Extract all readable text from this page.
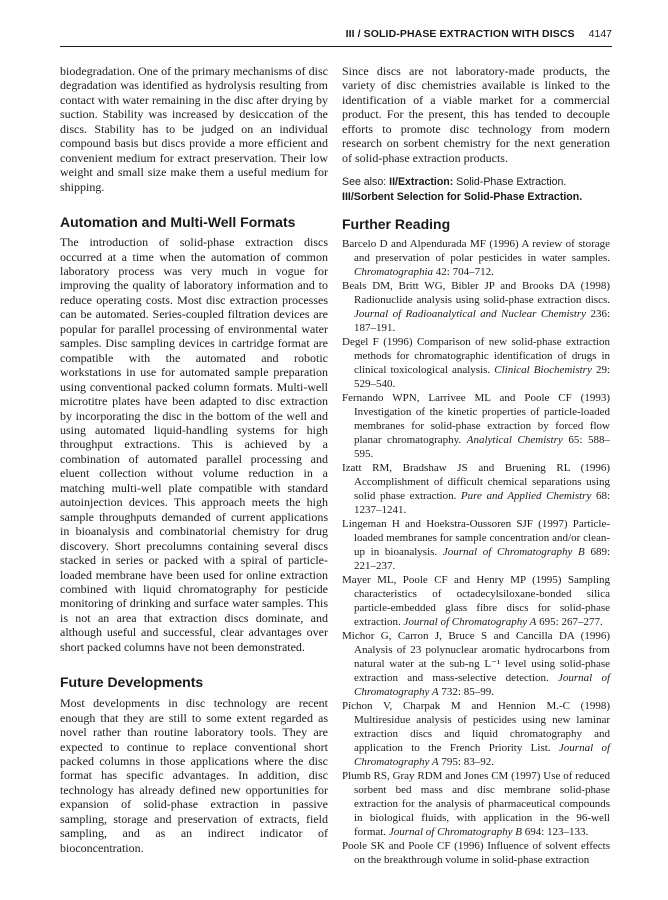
III / SOLID-PHASE EXTRACTION WITH DISCS 4147

biodegradation. One of the primary mechanisms of disc degradation was identified as hydrolysis resulting from contact with water remaining in the disc after drying by suction. Stability was increased by desiccation of the discs. Stability has to be judged on an individual compound basis but discs provide a more efficient and convenient medium for extract preservation. Their low weight and small size make them a useful medium for shipping.

Automation and Multi-Well Formats

The introduction of solid-phase extraction discs occurred at a time when the automation of common laboratory process was very much in vogue for improving the quality of laboratory information and to reduce operating costs. Most disc extraction processes can be automated. Series-coupled filtration devices are popular for parallel processing of environmental water samples. Disc sampling devices in cartridge format are compatible with the automated and robotic workstations in use for automated sample preparation using conventional packed column formats. Multi-well microtitre plates have been adapted to disc extraction by incorporating the disc in the bottom of the well and using automated liquid-handling systems for high throughput extractions. This is achieved by a combination of automated parallel processing and eluent collection without volume reduction in a matching multi-well plate compatible with standard autoinjection devices. This approach meets the high sample throughputs demanded of current applications in bioanalysis and combinatorial chemistry for drug discovery. Short precolumns containing several discs stacked in series or packed with a spiral of particle-loaded membrane have been used for online extraction combined with liquid chromatography for pesticide monitoring of drinking and surface water samples. This is not an area that extraction discs dominate, and although useful and successful, clear advantages over short packed columns have not been demonstrated.

Future Developments

Most developments in disc technology are recent enough that they are still to some extent regarded as novel rather than routine laboratory tools. They are expected to continue to replace conventional short packed columns in those applications where the disc format has specific advantages. In addition, disc technology has already defined new opportunities for expansion of solid-phase extraction in passive sampling, storage and preservation of extracts, field sampling, and as an indirect indicator of bioconcentration.

Since discs are not laboratory-made products, the variety of disc chemistries available is linked to the identification of a viable market for a commercial product. For the present, this has tended to decouple efforts to promote disc technology from modern research on sorbent chemistry for the next generation of solid-phase extraction products.

See also: II/Extraction: Solid-Phase Extraction. III/Sorbent Selection for Solid-Phase Extraction.

Further Reading

Barcelo D and Alpendurada MF (1996) A review of storage and preservation of polar pesticides in water samples. Chromatographia 42: 704–712.

Beals DM, Britt WG, Bibler JP and Brooks DA (1998) Radionuclide analysis using solid-phase extraction discs. Journal of Radioanalytical and Nuclear Chemistry 236: 187–191.

Degel F (1996) Comparison of new solid-phase extraction methods for chromatographic identification of drugs in clinical toxicological analysis. Clinical Biochemistry 29: 529–540.

Fernando WPN, Larrivee ML and Poole CF (1993) Investigation of the kinetic properties of particle-loaded membranes for solid-phase extraction by forced flow planar chromatography. Analytical Chemistry 65: 588–595.

Izatt RM, Bradshaw JS and Bruening RL (1996) Accomplishment of difficult chemical separations using solid phase extraction. Pure and Applied Chemistry 68: 1237–1241.

Lingeman H and Hoekstra-Oussoren SJF (1997) Particle-loaded membranes for sample concentration and/or clean-up in bioanalysis. Journal of Chromatography B 689: 221–237.

Mayer ML, Poole CF and Henry MP (1995) Sampling characteristics of octadecylsiloxane-bonded silica particle-embedded glass fibre discs for solid-phase extraction. Journal of Chromatography A 695: 267–277.

Michor G, Carron J, Bruce S and Cancilla DA (1996) Analysis of 23 polynuclear aromatic hydrocarbons from natural water at the sub-ng L⁻¹ level using solid-phase extraction and mass-selective detection. Journal of Chromatography A 732: 85–99.

Pichon V, Charpak M and Hennion M.-C (1998) Multiresidue analysis of pesticides using new laminar extraction discs and liquid chromatography and application to the French Priority List. Journal of Chromatography A 795: 83–92.

Plumb RS, Gray RDM and Jones CM (1997) Use of reduced sorbent bed mass and disc membrane solid-phase extraction for the analysis of pharmaceutical compounds in biological fluids, with application in the 96-well format. Journal of Chromatography B 694: 123–133.

Poole SK and Poole CF (1996) Influence of solvent effects on the breakthrough volume in solid-phase extraction
